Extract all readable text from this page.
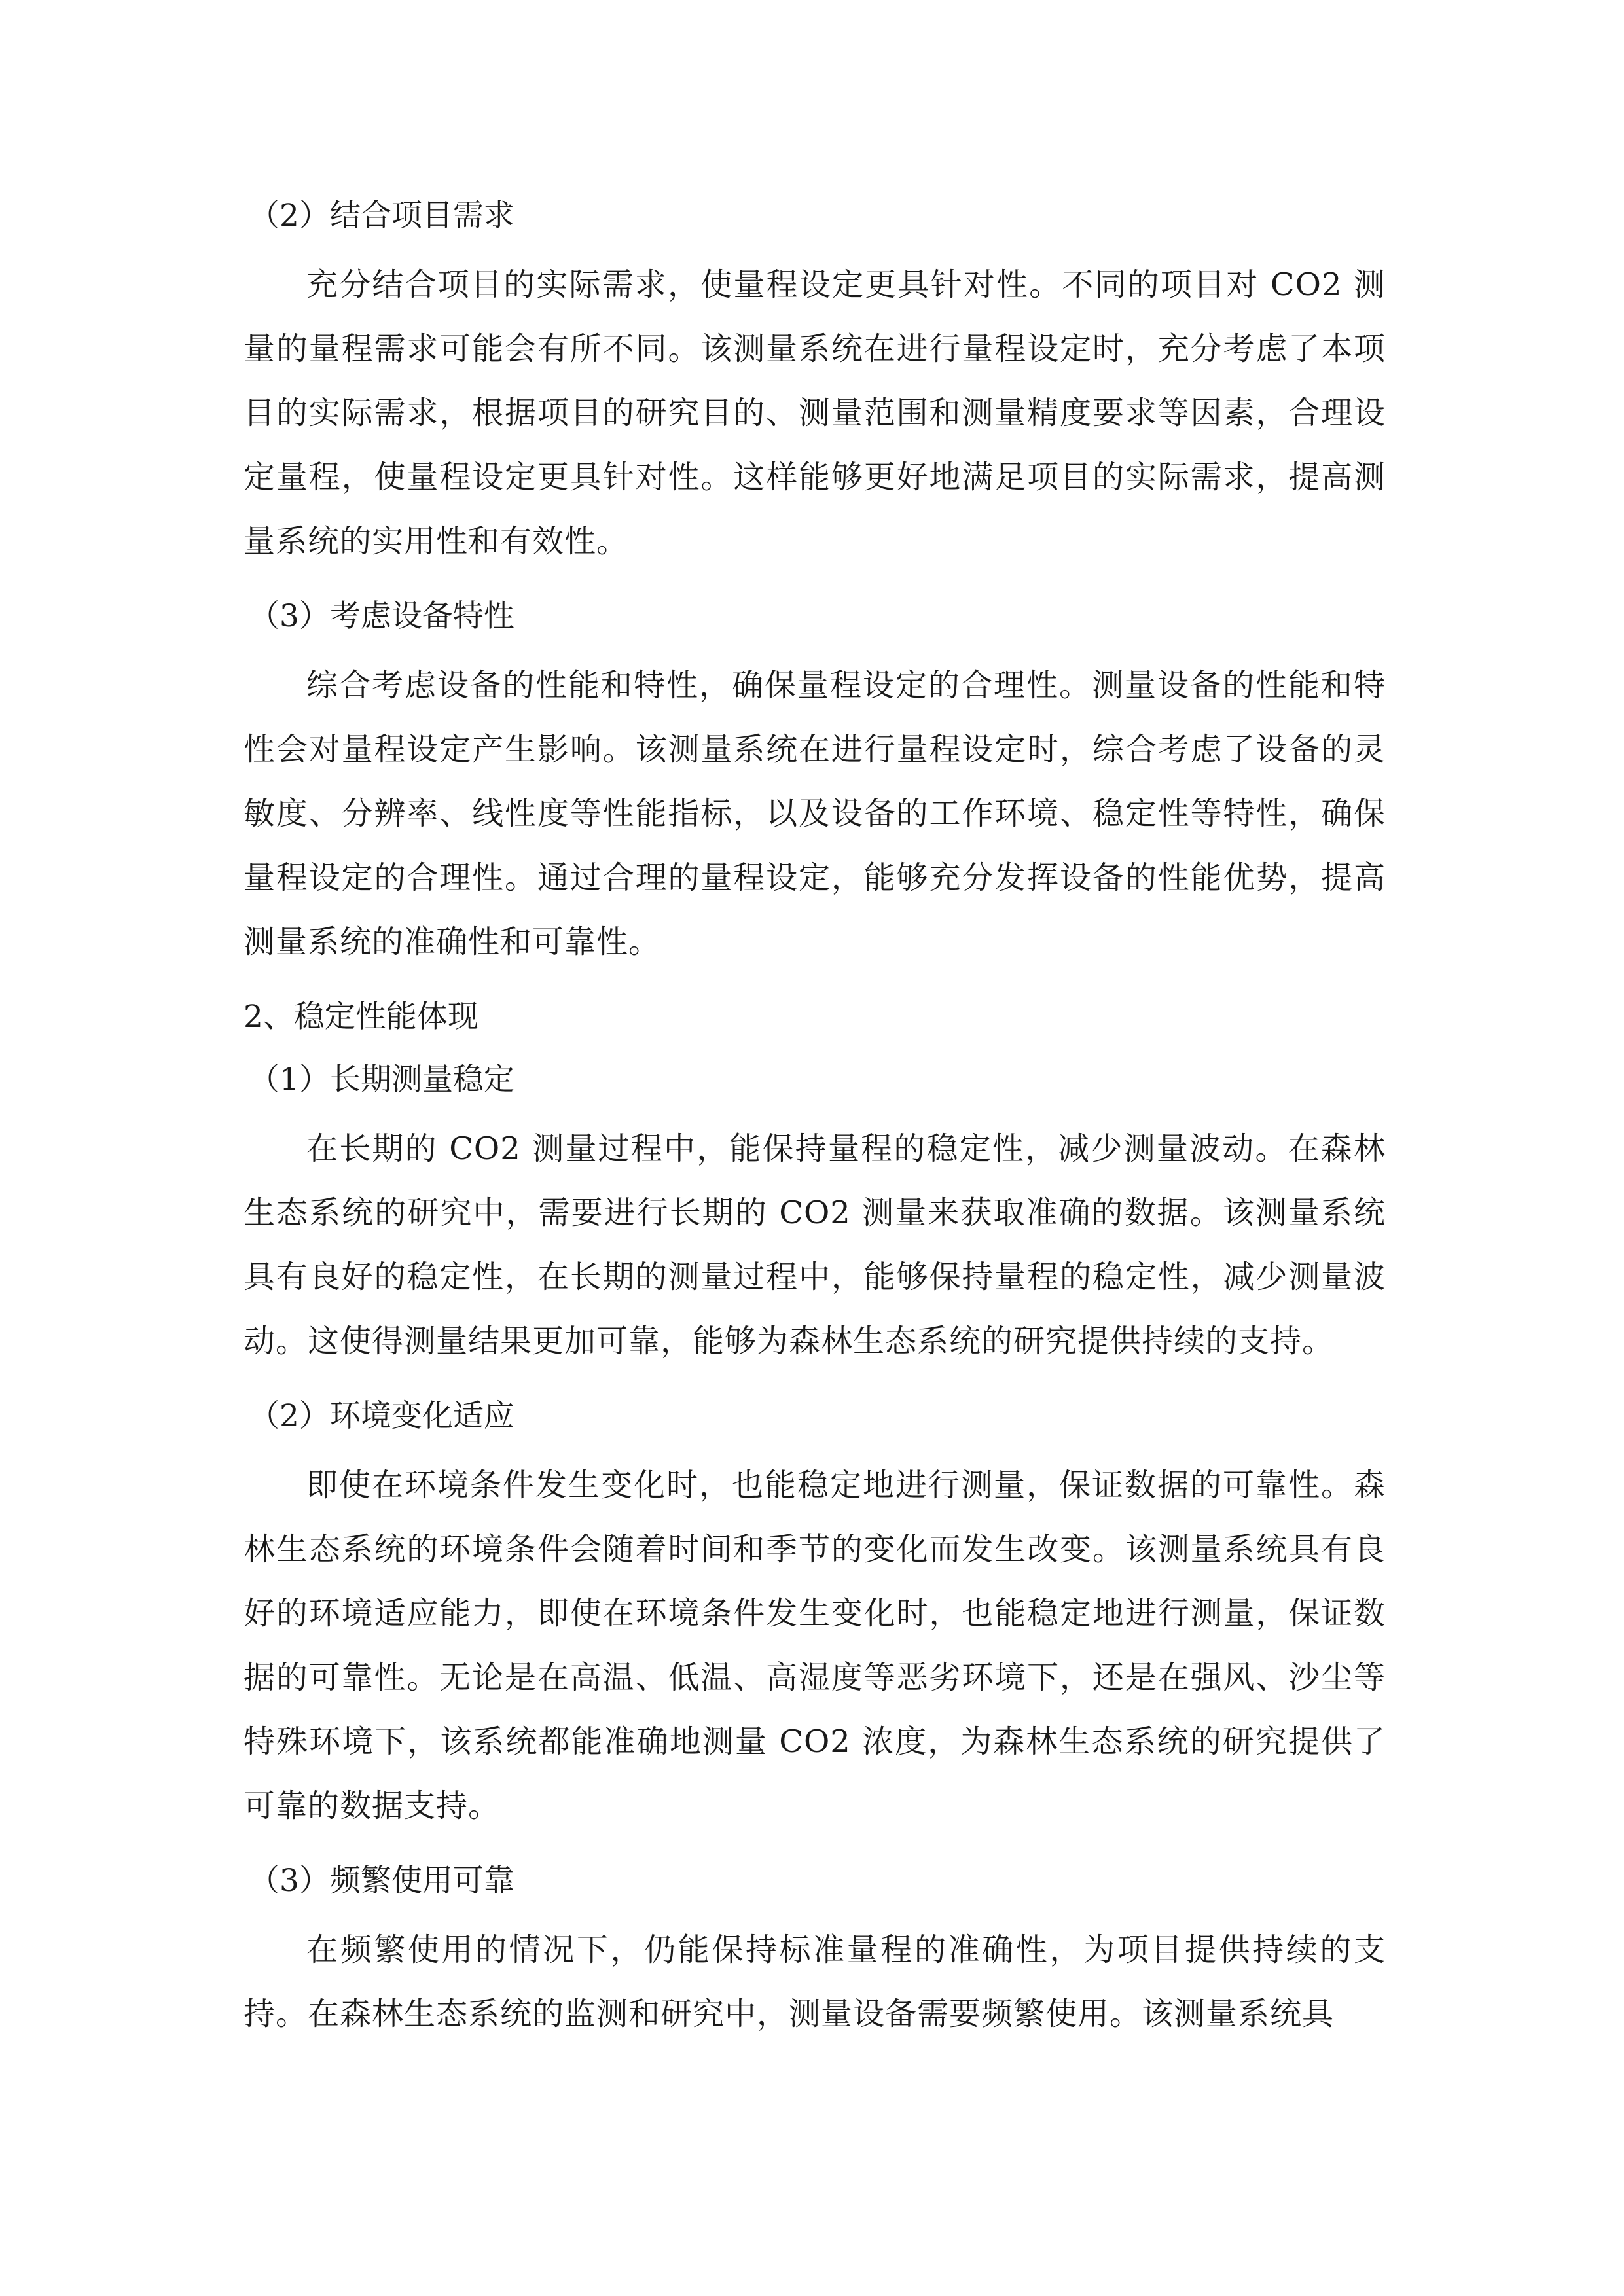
（2）结合项目需求

充分结合项目的实际需求，使量程设定更具针对性。不同的项目对 CO2 测量的量程需求可能会有所不同。该测量系统在进行量程设定时，充分考虑了本项目的实际需求，根据项目的研究目的、测量范围和测量精度要求等因素，合理设定量程，使量程设定更具针对性。这样能够更好地满足项目的实际需求，提高测量系统的实用性和有效性。

（3）考虑设备特性

综合考虑设备的性能和特性，确保量程设定的合理性。测量设备的性能和特性会对量程设定产生影响。该测量系统在进行量程设定时，综合考虑了设备的灵敏度、分辨率、线性度等性能指标，以及设备的工作环境、稳定性等特性，确保量程设定的合理性。通过合理的量程设定，能够充分发挥设备的性能优势，提高测量系统的准确性和可靠性。

2、稳定性能体现

（1）长期测量稳定

在长期的 CO2 测量过程中，能保持量程的稳定性，减少测量波动。在森林生态系统的研究中，需要进行长期的 CO2 测量来获取准确的数据。该测量系统具有良好的稳定性，在长期的测量过程中，能够保持量程的稳定性，减少测量波动。这使得测量结果更加可靠，能够为森林生态系统的研究提供持续的支持。

（2）环境变化适应

即使在环境条件发生变化时，也能稳定地进行测量，保证数据的可靠性。森林生态系统的环境条件会随着时间和季节的变化而发生改变。该测量系统具有良好的环境适应能力，即使在环境条件发生变化时，也能稳定地进行测量，保证数据的可靠性。无论是在高温、低温、高湿度等恶劣环境下，还是在强风、沙尘等特殊环境下，该系统都能准确地测量 CO2 浓度，为森林生态系统的研究提供了可靠的数据支持。

（3）频繁使用可靠

在频繁使用的情况下，仍能保持标准量程的准确性，为项目提供持续的支持。在森林生态系统的监测和研究中，测量设备需要频繁使用。该测量系统具
